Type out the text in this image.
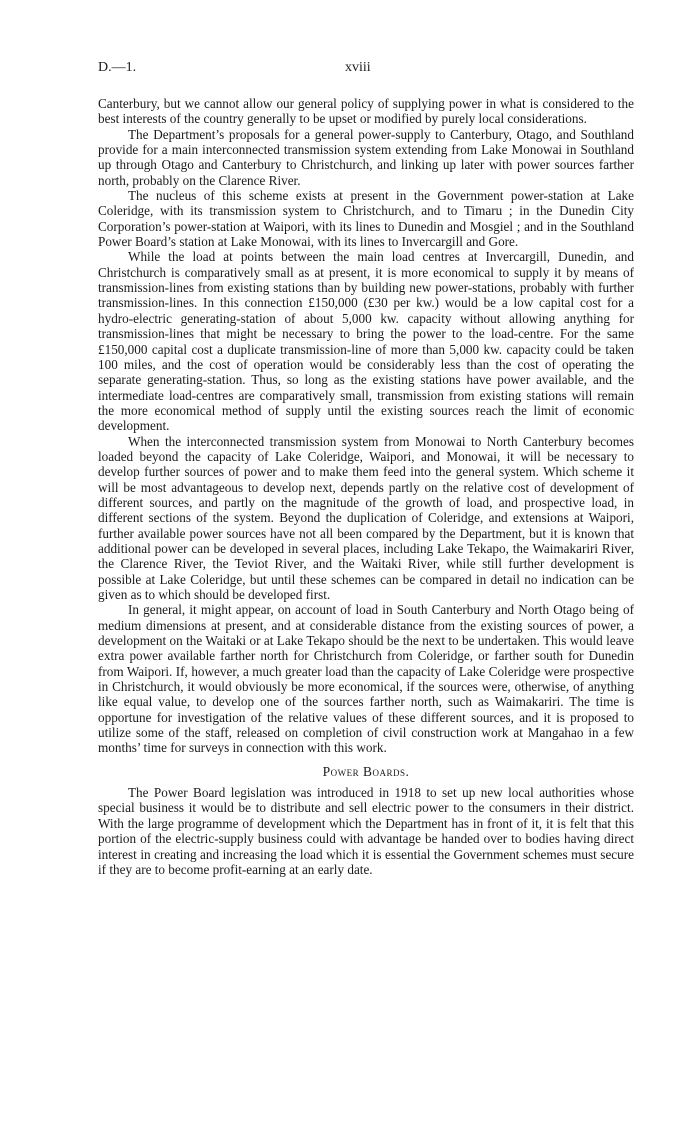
D.—1.	xviii

Canterbury, but we cannot allow our general policy of supplying power in what is considered to the best interests of the country generally to be upset or modified by purely local considerations.

The Department’s proposals for a general power-supply to Canterbury, Otago, and Southland provide for a main interconnected transmission system extending from Lake Monowai in Southland up through Otago and Canterbury to Christchurch, and linking up later with power sources farther north, probably on the Clarence River.

The nucleus of this scheme exists at present in the Government power-station at Lake Coleridge, with its transmission system to Christchurch, and to Timaru ; in the Dunedin City Corporation’s power-station at Waipori, with its lines to Dunedin and Mosgiel ; and in the Southland Power Board’s station at Lake Monowai, with its lines to Invercargill and Gore.

While the load at points between the main load centres at Invercargill, Dunedin, and Christchurch is comparatively small as at present, it is more economical to supply it by means of transmission-lines from existing stations than by building new power-stations, probably with further transmission-lines. In this connection £150,000 (£30 per kw.) would be a low capital cost for a hydro-electric generating-station of about 5,000 kw. capacity without allowing anything for transmission-lines that might be necessary to bring the power to the load-centre. For the same £150,000 capital cost a duplicate transmission-line of more than 5,000 kw. capacity could be taken 100 miles, and the cost of operation would be considerably less than the cost of operating the separate generating-station. Thus, so long as the existing stations have power available, and the intermediate load-centres are comparatively small, transmission from existing stations will remain the more economical method of supply until the existing sources reach the limit of economic development.

When the interconnected transmission system from Monowai to North Canterbury becomes loaded beyond the capacity of Lake Coleridge, Waipori, and Monowai, it will be necessary to develop further sources of power and to make them feed into the general system. Which scheme it will be most advantageous to develop next, depends partly on the relative cost of development of different sources, and partly on the magnitude of the growth of load, and prospective load, in different sections of the system. Beyond the duplication of Coleridge, and extensions at Waipori, further available power sources have not all been compared by the Department, but it is known that additional power can be developed in several places, including Lake Tekapo, the Waimakariri River, the Clarence River, the Teviot River, and the Waitaki River, while still further development is possible at Lake Coleridge, but until these schemes can be compared in detail no indication can be given as to which should be developed first.

In general, it might appear, on account of load in South Canterbury and North Otago being of medium dimensions at present, and at considerable distance from the existing sources of power, a development on the Waitaki or at Lake Tekapo should be the next to be undertaken. This would leave extra power available farther north for Christchurch from Coleridge, or farther south for Dunedin from Waipori. If, however, a much greater load than the capacity of Lake Coleridge were prospective in Christchurch, it would obviously be more economical, if the sources were, otherwise, of anything like equal value, to develop one of the sources farther north, such as Waimakariri. The time is opportune for investigation of the relative values of these different sources, and it is proposed to utilize some of the staff, released on completion of civil construction work at Mangahao in a few months’ time for surveys in connection with this work.

Power Boards.

The Power Board legislation was introduced in 1918 to set up new local authorities whose special business it would be to distribute and sell electric power to the consumers in their district. With the large programme of development which the Department has in front of it, it is felt that this portion of the electric-supply business could with advantage be handed over to bodies having direct interest in creating and increasing the load which it is essential the Government schemes must secure if they are to become profit-earning at an early date.
